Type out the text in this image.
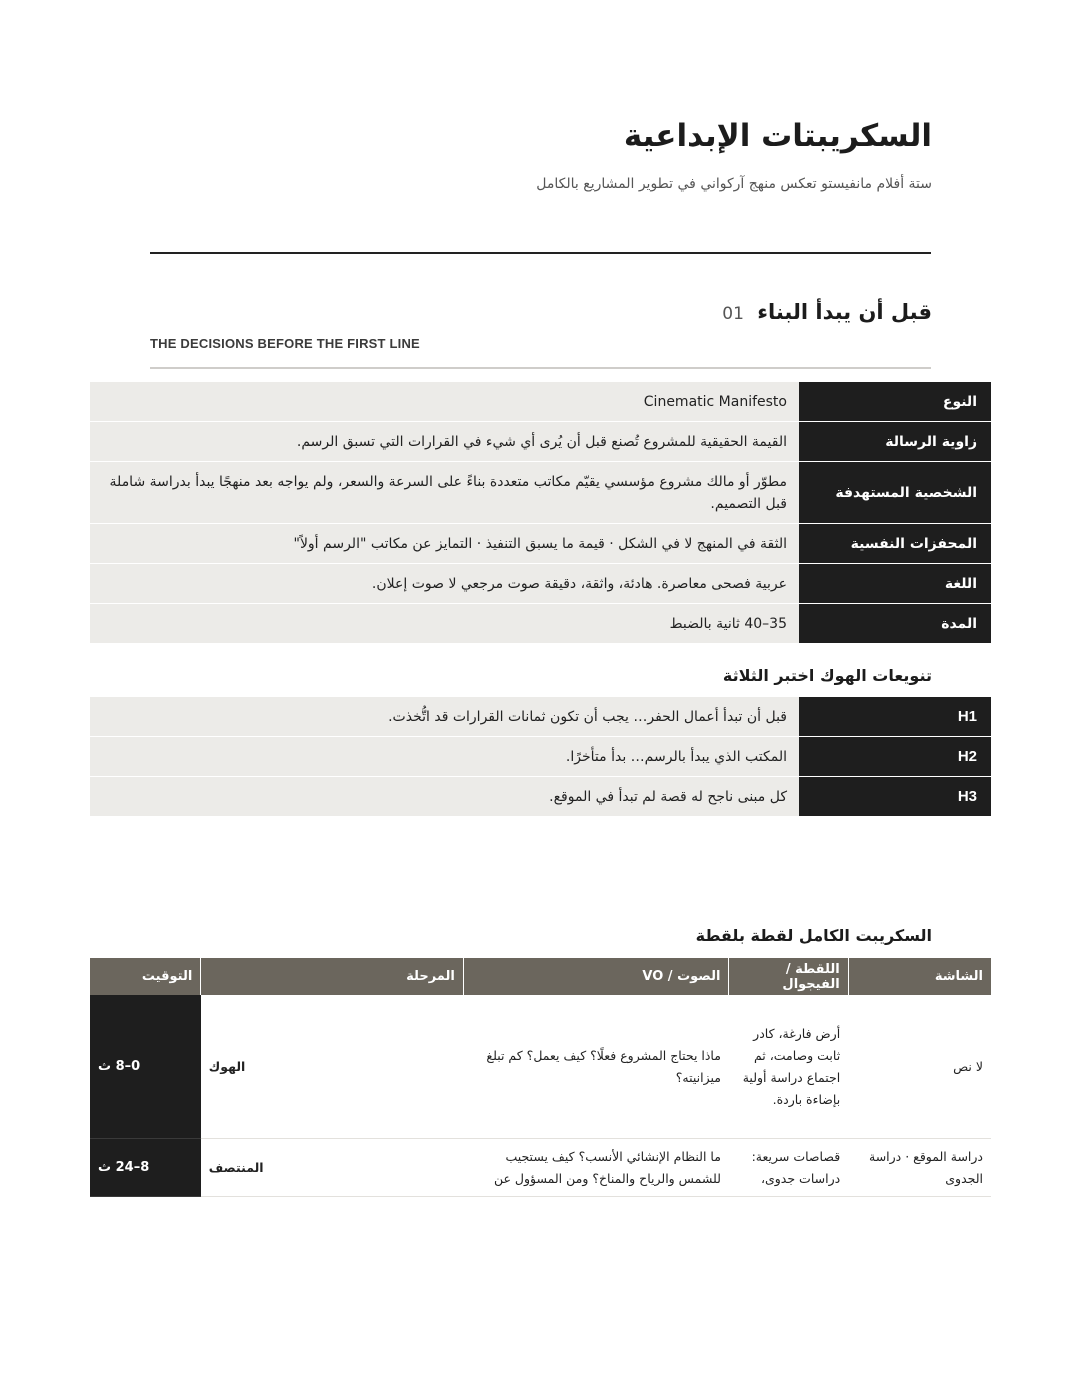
السكريبتات الإبداعية

ستة أفلام مانفيستو تعكس منهج آركواني في تطوير المشاريع بالكامل

قبل أن يبدأ البناء 01

THE DECISIONS BEFORE THE FIRST LINE

النوع	Cinematic Manifesto
زاوية الرسالة	القيمة الحقيقية للمشروع تُصنع قبل أن يُرى أي شيء في القرارات التي تسبق الرسم.
الشخصية المستهدفة	مطوّر أو مالك مشروع مؤسسي يقيّم مكاتب متعددة بناءً على السرعة والسعر، ولم يواجه بعد منهجًا يبدأ بدراسة شاملة قبل التصميم.
المحفزات النفسية	الثقة في المنهج لا في الشكل · قيمة ما يسبق التنفيذ · التمايز عن مكاتب "الرسم أولاً"
اللغة	عربية فصحى معاصرة. هادئة، واثقة، دقيقة صوت مرجعي لا صوت إعلان.
المدة	35–40 ثانية بالضبط
تنويعات الهوك اختبر الثلاثة
H1	قبل أن تبدأ أعمال الحفر… يجب أن تكون ثمانات القرارات قد اتُّخذت.
H2	المكتب الذي يبدأ بالرسم… بدأ متأخرًا.
H3	كل مبنى ناجح له قصة لم تبدأ في الموقع.
السكريبت الكامل لقطة بلقطة
الشاشة	اللقطة / الفيجوال	الصوت / VO	المرحلة	التوقيت
لا نص	أرض فارغة، كادر ثابت وصامت، ثم اجتماع دراسة أولية بإضاءة باردة.	ماذا يحتاج المشروع فعلًا؟ كيف يعمل؟ كم تبلغ ميزانيته؟	الهوك	0–8 ث
دراسة الموقع · دراسة الجدوى	قصاصات سريعة: دراسات جدوى،	ما النظام الإنشائي الأنسب؟ كيف يستجيب للشمس والرياح والمناخ؟ ومن المسؤول عن	المنتصف	8–24 ث
